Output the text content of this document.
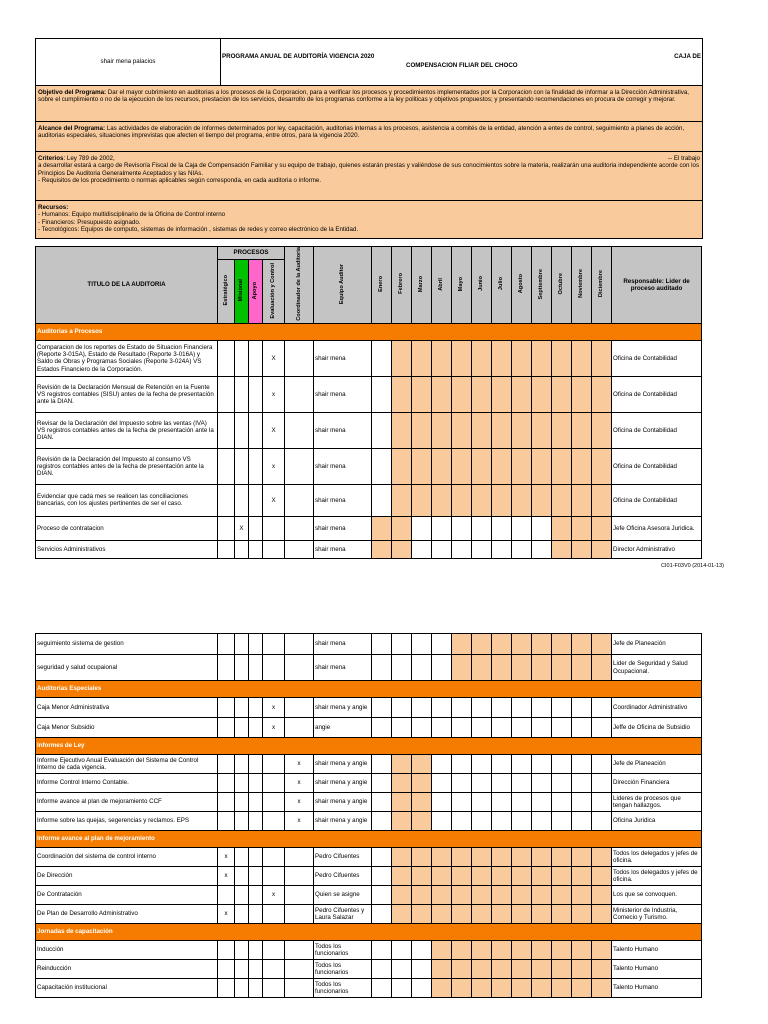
shair mena palacios	
PROGRAMA ANUAL DE AUDITORÍA VIGENCIA 2020
COMPENSACION FILIAR DEL CHOCO
	CAJA DE
Objetivo del Programa: Dar el mayor cubrimiento en auditorias a los procesos de la Corporacion, para a verificar los procesos y procedimientos implementados por la Corporacion con la finalidad de informar a la Direcciòn Administrativa, sobre el cumplimiento o no de la ejecucion de los recursos, prestacion de los servicios, desarrollo de los programas conforme a la ley politicas y objetivos propuestos; y presentando recomendaciones en procura de corregir y mejorar.
Alcance del Programa: Las actividades de elaboración de informes determinados por ley, capacitación, auditorias internas a los procesos, asistencia a comités de la entidad, atención a entes de control, seguimiento a planes de acción, auditorias especiales, situaciones imprevistas que afecten el tiempo del programa, entre otros, para la vigencia 2020.

Criterios: Ley 789 de 2002,	-- El trabajo
a desarrollar estará a cargo de Revisoría Fiscal de la Caja de Compensación Familiar y su equipo de trabajo, quienes estarán prestas y valiéndose de sus conocimientos sobre la materia, realizarán una auditoria independiente acorde con los Principios De Auditoria Generalmente Aceptados y las NIAs.
- Requisitos de los procedimiento o normas aplicables según corresponda, en cada auditoria o informe.

Recursos:
- Humanos: Equipo multidisciplinario de la Oficina de Control interno
- Financieros: Presupuesto asignado.
- Tecnológicos: Equipos de computo, sistemas de información , sistemas de redes y correo electrónico de la Entidad.
TITULO DE LA AUDITORIA	PROCESOS				Coordinador de la Auditoria	Equipo Auditor	Enero	Febrero	Marzo	Abril	Mayo	Junio	Julio	Agosto	Septiembre	Octubre	Noviembre	Diciembre	Responsable: Lider de proceso auditado
	Estratégico	Misional	Apoyo	Evaluación y Control															
Auditorias a Procesos																			
Comparacion de los reportes de Estado de Situacion Financiera (Reporte 3-015A), Estado de Resultado (Reporte 3-016A) y Saldo de Obras y Programas Sociales (Reporte 3-024A) VS Estados Financiero de la Corporación.				X		shair mena													Oficina de Contabilidad
Revisión de la Declaración Mensual de Retención en la Fuente VS registros contables (SISU) antes de la fecha de presentación ante la DIAN.				x		shair mena													Oficina de Contabilidad
Revisar de la Declaración del Impuesto sobre las ventas (IVA) VS registros contables antes de la fecha de presentación ante la DIAN.				X		shair mena													Oficina de Contabilidad
Revisión de la Declaración del Impuesto al consumo VS registros contables antes de la fecha de presentación ante la DIAN.				x		shair mena													Oficina de Contabilidad
Evidenciar que cada mes se realicen las conciliaciones bancarias, con los ajustes pertinentes de ser el caso.				X		shair mena													Oficina de Contabilidad
Proceso de contratacion		X				shair mena													Jefe Oficina Asesora Juridica.
Servicios Administrativos						shair mena													Director Administrativo
CI01-F03V0 (2014-01-13)
seguimiento sistema de gestion						shair mena													Jefe de Planeación
seguridad y salud ocupaional						shair mena													Lider de Seguridad y Salud Ocupacional.
Auditorias Especiales																			
Caja Menor Administrativa				x		shair mena y angie													Coordinador Administrativo
Caja Menor Subsidio				x		angie													Jeffe de Oficina de Subsidio
Informes de Ley																			
Informe Ejecutivo Anual Evaluación del Sistema de Control Interno de cada vigencia.					x	shair mena y angie													Jefe de Planeación
Informe Control Interno Contable.					x	shair mena y angie													Dirección Financiera
Informe avance al plan de mejoramiento CCF					x	shair mena y angie													Lideres de procesos que tengan hallazgos.
Informe sobre las quejas, segerencias y reclamos. EPS					x	shair mena y angie													Oficina Juridica
Informe avance al plan de mejoramiento																			
Coordinación del sistema de control interno	x					Pedro Cifuentes													Todos los delegados y jefes de oficina.
De Dirección	x					Pedro Cifuentes													Todos los delegados y jefes de oficina.
De Contratación				x		Quien se asigne													Los que se convoquen.
De Plan de Desarrollo Administrativo	x					Pedro Cifuentes y Laura Salazar													Ministerior de Industria, Comecio y Turismo.
Jornadas de capacitación																			
Inducción						Todos los funcionarios													Talento Humano
Reinducción						Todos los funcionarios													Talento Humano
Capacitación institucional						Todos los funcionarios													Talento Humano
